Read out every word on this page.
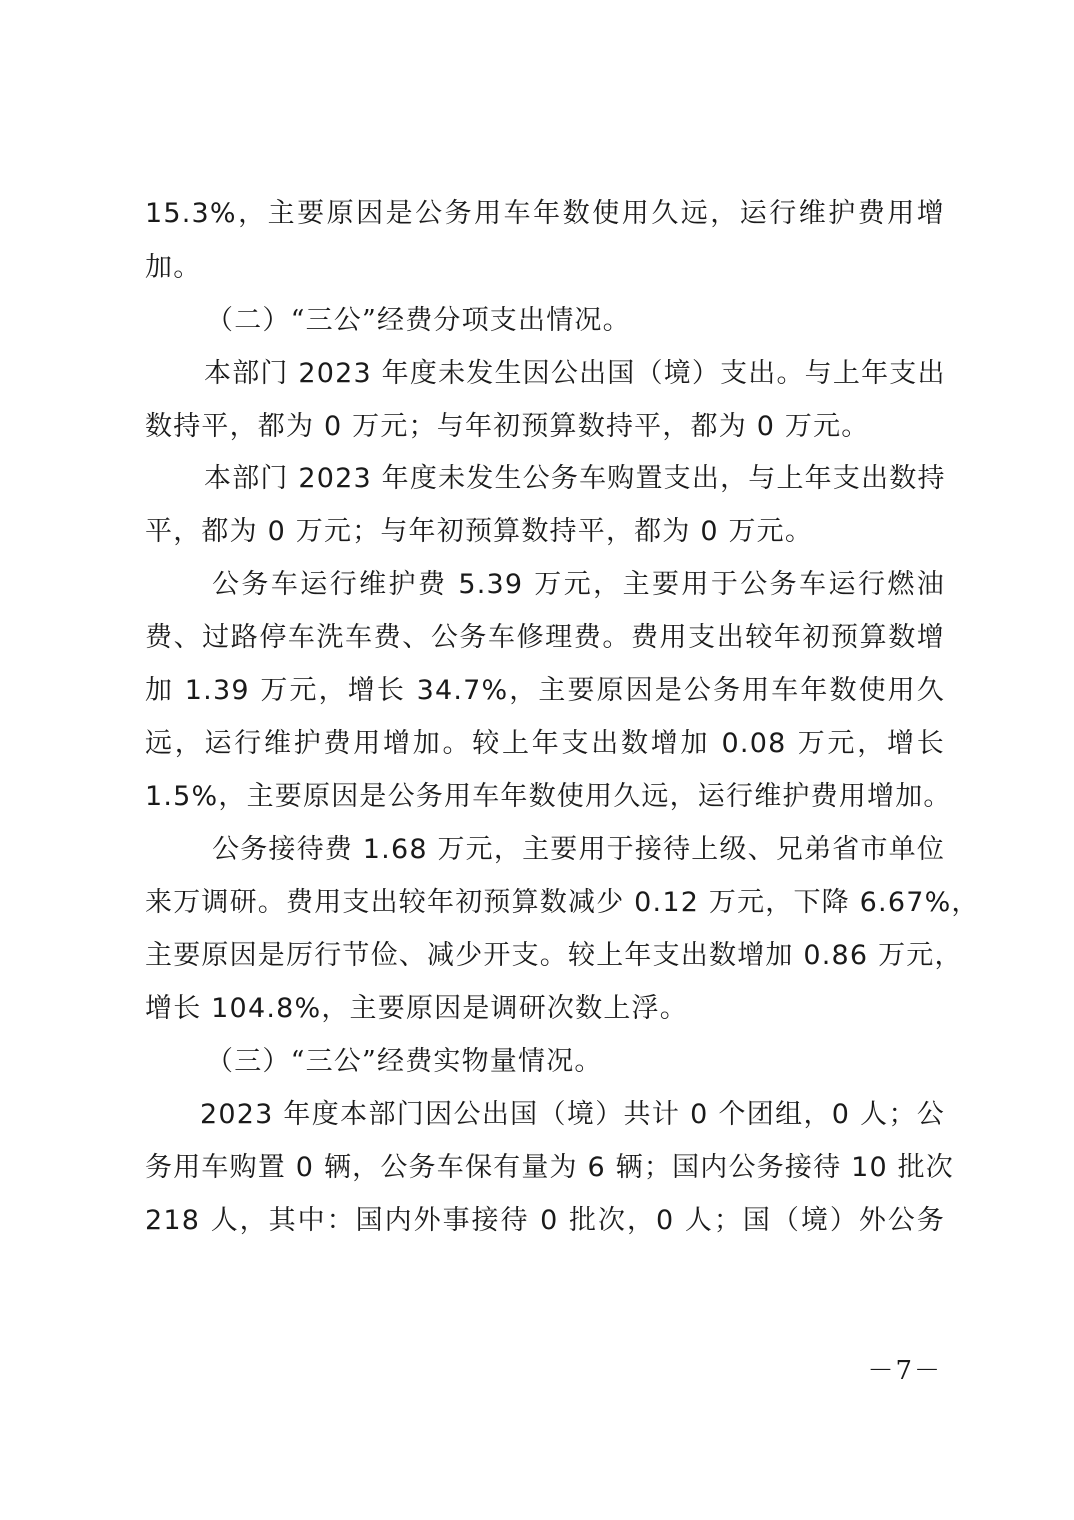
15.3%，主要原因是公务用车年数使用久远，运行维护费用增
加。
（二）“三公”经费分项支出情况。
本部门 2023 年度未发生因公出国（境）支出。与上年支出
数持平，都为 0 万元；与年初预算数持平，都为 0 万元。
本部门 2023 年度未发生公务车购置支出，与上年支出数持
平，都为 0 万元；与年初预算数持平，都为 0 万元。
公务车运行维护费 5.39 万元，主要用于公务车运行燃油
费、过路停车洗车费、公务车修理费。费用支出较年初预算数增
加 1.39 万元，增长 34.7%，主要原因是公务用车年数使用久
远，运行维护费用增加。较上年支出数增加 0.08 万元，增长
1.5%，主要原因是公务用车年数使用久远，运行维护费用增加。
公务接待费 1.68 万元，主要用于接待上级、兄弟省市单位
来万调研。费用支出较年初预算数减少 0.12 万元，下降 6.67%，
主要原因是厉行节俭、减少开支。较上年支出数增加 0.86 万元，
增长 104.8%，主要原因是调研次数上浮。
（三）“三公”经费实物量情况。
2023 年度本部门因公出国（境）共计 0 个团组，0 人；公
务用车购置 0 辆，公务车保有量为 6 辆；国内公务接待 10 批次
218 人，其中：国内外事接待 0 批次，0 人；国（境）外公务
－7－
